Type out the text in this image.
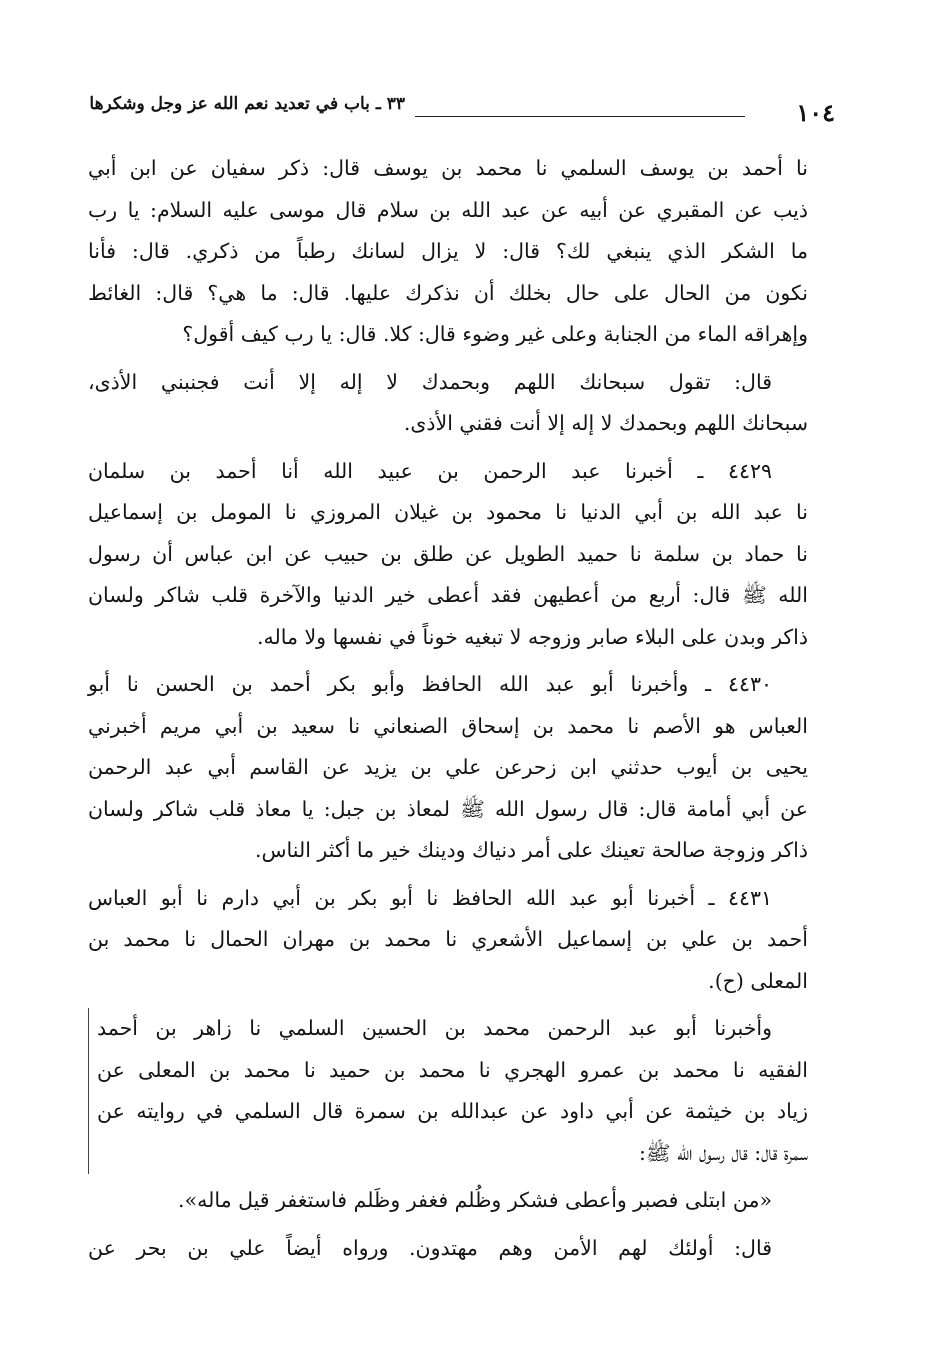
١٠٤
٣٣ ـ باب في تعديد نعم الله عز وجل وشكرها
نا أحمد بن يوسف السلمي نا محمد بن يوسف قال: ذكر سفيان عن ابن أبي
ذيب عن المقبري عن أبيه عن عبد الله بن سلام قال موسى عليه السلام: يا رب
ما الشكر الذي ينبغي لك؟ قال: لا يزال لسانك رطباً من ذكري. قال: فأنا
نكون من الحال على حال بخلك أن نذكرك عليها. قال: ما هي؟ قال: الغائط
وإهراقه الماء من الجنابة وعلى غير وضوء قال: كلا. قال: يا رب كيف أقول؟
قال: تقول سبحانك اللهم وبحمدك لا إله إلا أنت فجنبني الأذى،
سبحانك اللهم وبحمدك لا إله إلا أنت فقني الأذى.
٤٤٢٩ ـ أخبرنا عبد الرحمن بن عبيد الله أنا أحمد بن سلمان
نا عبد الله بن أبي الدنيا نا محمود بن غيلان المروزي نا المومل بن إسماعيل
نا حماد بن سلمة نا حميد الطويل عن طلق بن حبيب عن ابن عباس أن رسول
الله ﷺ قال: أربع من أعطيهن فقد أعطى خير الدنيا والآخرة قلب شاكر ولسان
ذاكر وبدن على البلاء صابر وزوجه لا تبغيه خوناً في نفسها ولا ماله.
٤٤٣٠ ـ وأخبرنا أبو عبد الله الحافظ وأبو بكر أحمد بن الحسن نا أبو
العباس هو الأصم نا محمد بن إسحاق الصنعاني نا سعيد بن أبي مريم أخبرني
يحيى بن أيوب حدثني ابن زحرعن علي بن يزيد عن القاسم أبي عبد الرحمن
عن أبي أمامة قال: قال رسول الله ﷺ لمعاذ بن جبل: يا معاذ قلب شاكر ولسان
ذاكر وزوجة صالحة تعينك على أمر دنياك ودينك خير ما أكثر الناس.
٤٤٣١ ـ أخبرنا أبو عبد الله الحافظ نا أبو بكر بن أبي دارم نا أبو العباس
أحمد بن علي بن إسماعيل الأشعري نا محمد بن مهران الحمال نا محمد بن
المعلى (ح).
وأخبرنا أبو عبد الرحمن محمد بن الحسين السلمي نا زاهر بن أحمد
الفقيه نا محمد بن عمرو الهجري نا محمد بن حميد نا محمد بن المعلى عن
زياد بن خيثمة عن أبي داود عن عبدالله بن سمرة قال السلمي في روايته عن
سمرة قال: قال رسول الله ﷺ:
«من ابتلى فصبر وأعطى فشكر وظُلم فغفر وظَلم فاستغفر قيل ماله».
قال: أولئك لهم الأمن وهم مهتدون. ورواه أيضاً علي بن بحر عن
